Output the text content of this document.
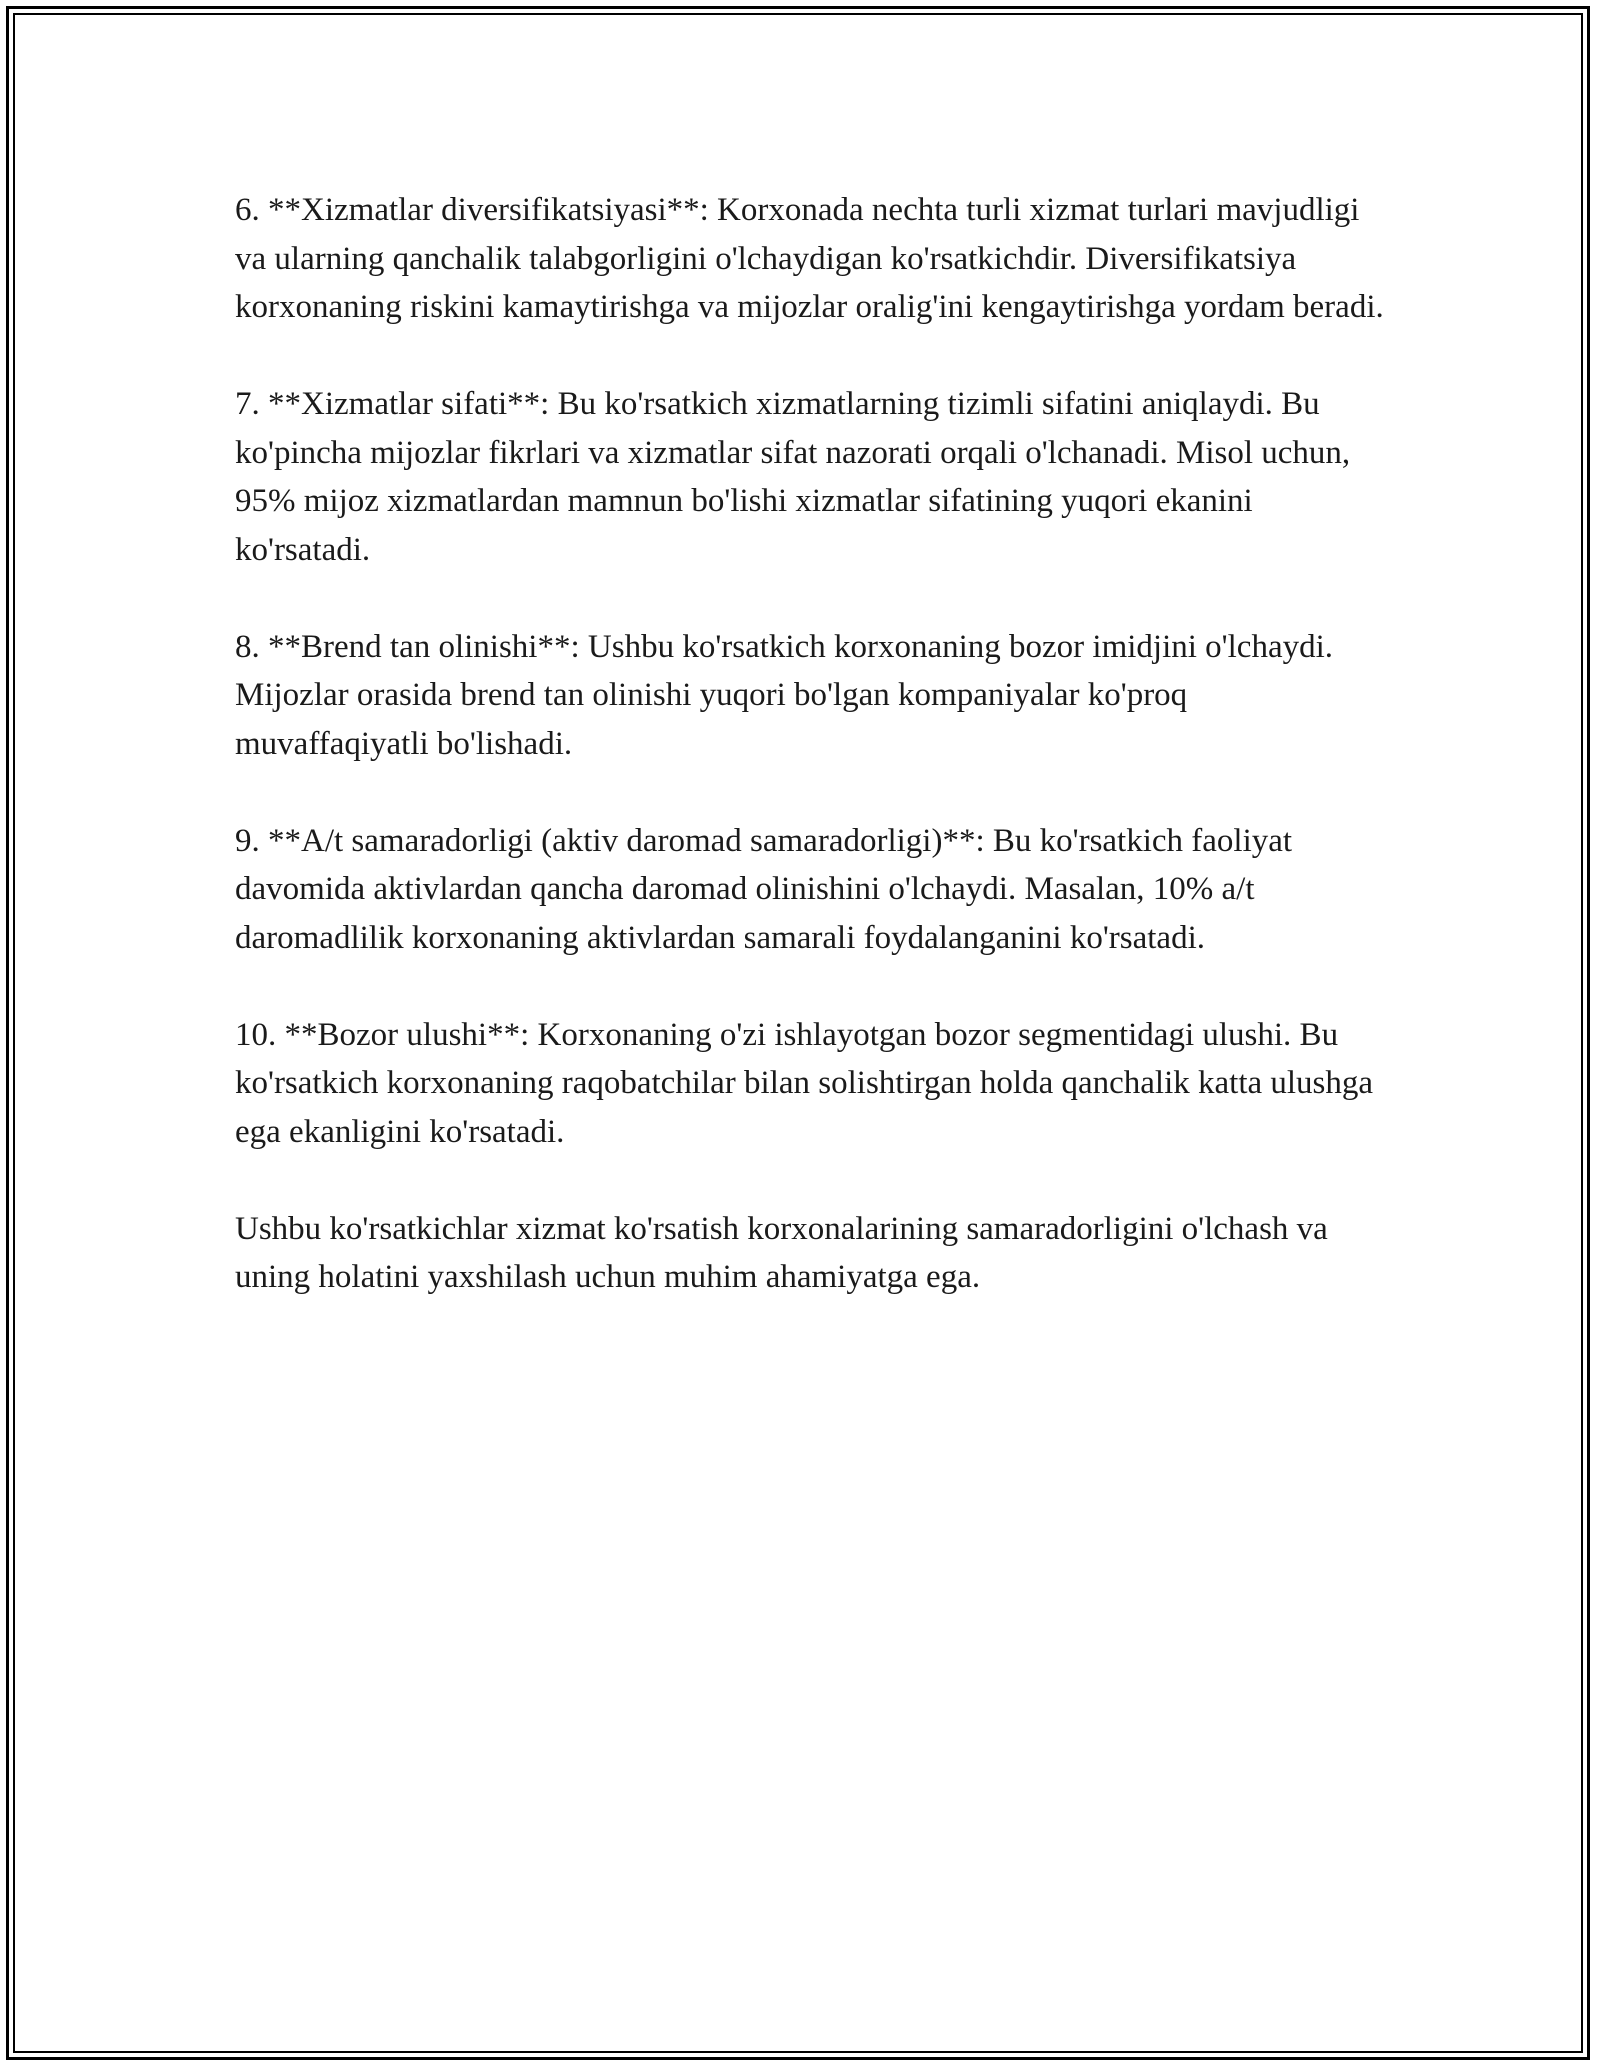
6. **Xizmatlar diversifikatsiyasi**: Korxonada nechta turli xizmat turlari mavjudligi va ularning qanchalik talabgorligini o'lchaydigan ko'rsatkichdir. Diversifikatsiya korxonaning riskini kamaytirishga va mijozlar oralig'ini kengaytirishga yordam beradi.

7. **Xizmatlar sifati**: Bu ko'rsatkich xizmatlarning tizimli sifatini aniqlaydi. Bu ko'pincha mijozlar fikrlari va xizmatlar sifat nazorati orqali o'lchanadi. Misol uchun, 95% mijoz xizmatlardan mamnun bo'lishi xizmatlar sifatining yuqori ekanini ko'rsatadi.

8. **Brend tan olinishi**: Ushbu ko'rsatkich korxonaning bozor imidjini o'lchaydi. Mijozlar orasida brend tan olinishi yuqori bo'lgan kompaniyalar ko'proq muvaffaqiyatli bo'lishadi.

9. **A/t samaradorligi (aktiv daromad samaradorligi)**: Bu ko'rsatkich faoliyat davomida aktivlardan qancha daromad olinishini o'lchaydi. Masalan, 10% a/t daromadlilik korxonaning aktivlardan samarali foydalanganini ko'rsatadi.

10. **Bozor ulushi**: Korxonaning o'zi ishlayotgan bozor segmentidagi ulushi. Bu ko'rsatkich korxonaning raqobatchilar bilan solishtirgan holda qanchalik katta ulushga ega ekanligini ko'rsatadi.

Ushbu ko'rsatkichlar xizmat ko'rsatish korxonalarining samaradorligini o'lchash va uning holatini yaxshilash uchun muhim ahamiyatga ega.
